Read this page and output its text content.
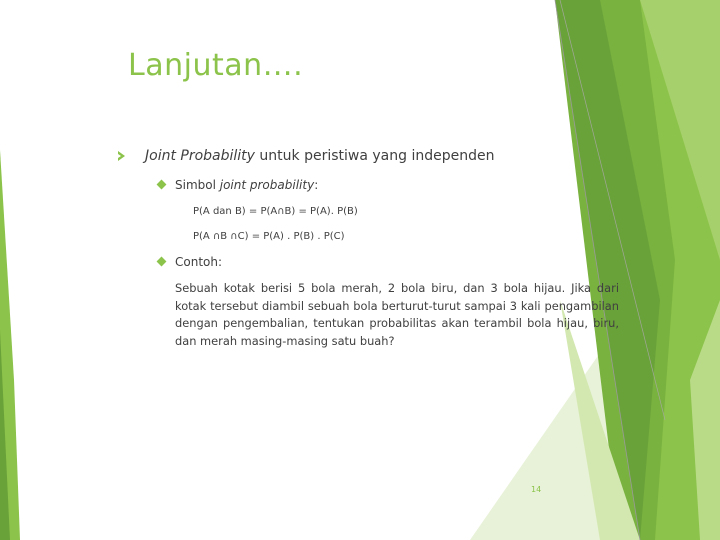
Lanjutan….
Joint Probability untuk peristiwa yang independen
Simbol joint probability:
P(A dan B) = P(A∩B) = P(A). P(B)
P(A ∩B ∩C) = P(A) . P(B) . P(C)
Contoh:
Sebuah kotak berisi 5 bola merah, 2 bola biru, dan 3 bola hijau. Jika dari kotak tersebut diambil sebuah bola berturut-turut sampai 3 kali pengambilan dengan pengembalian, tentukan probabilitas akan terambil bola hijau, biru, dan merah masing-masing satu buah?
14
